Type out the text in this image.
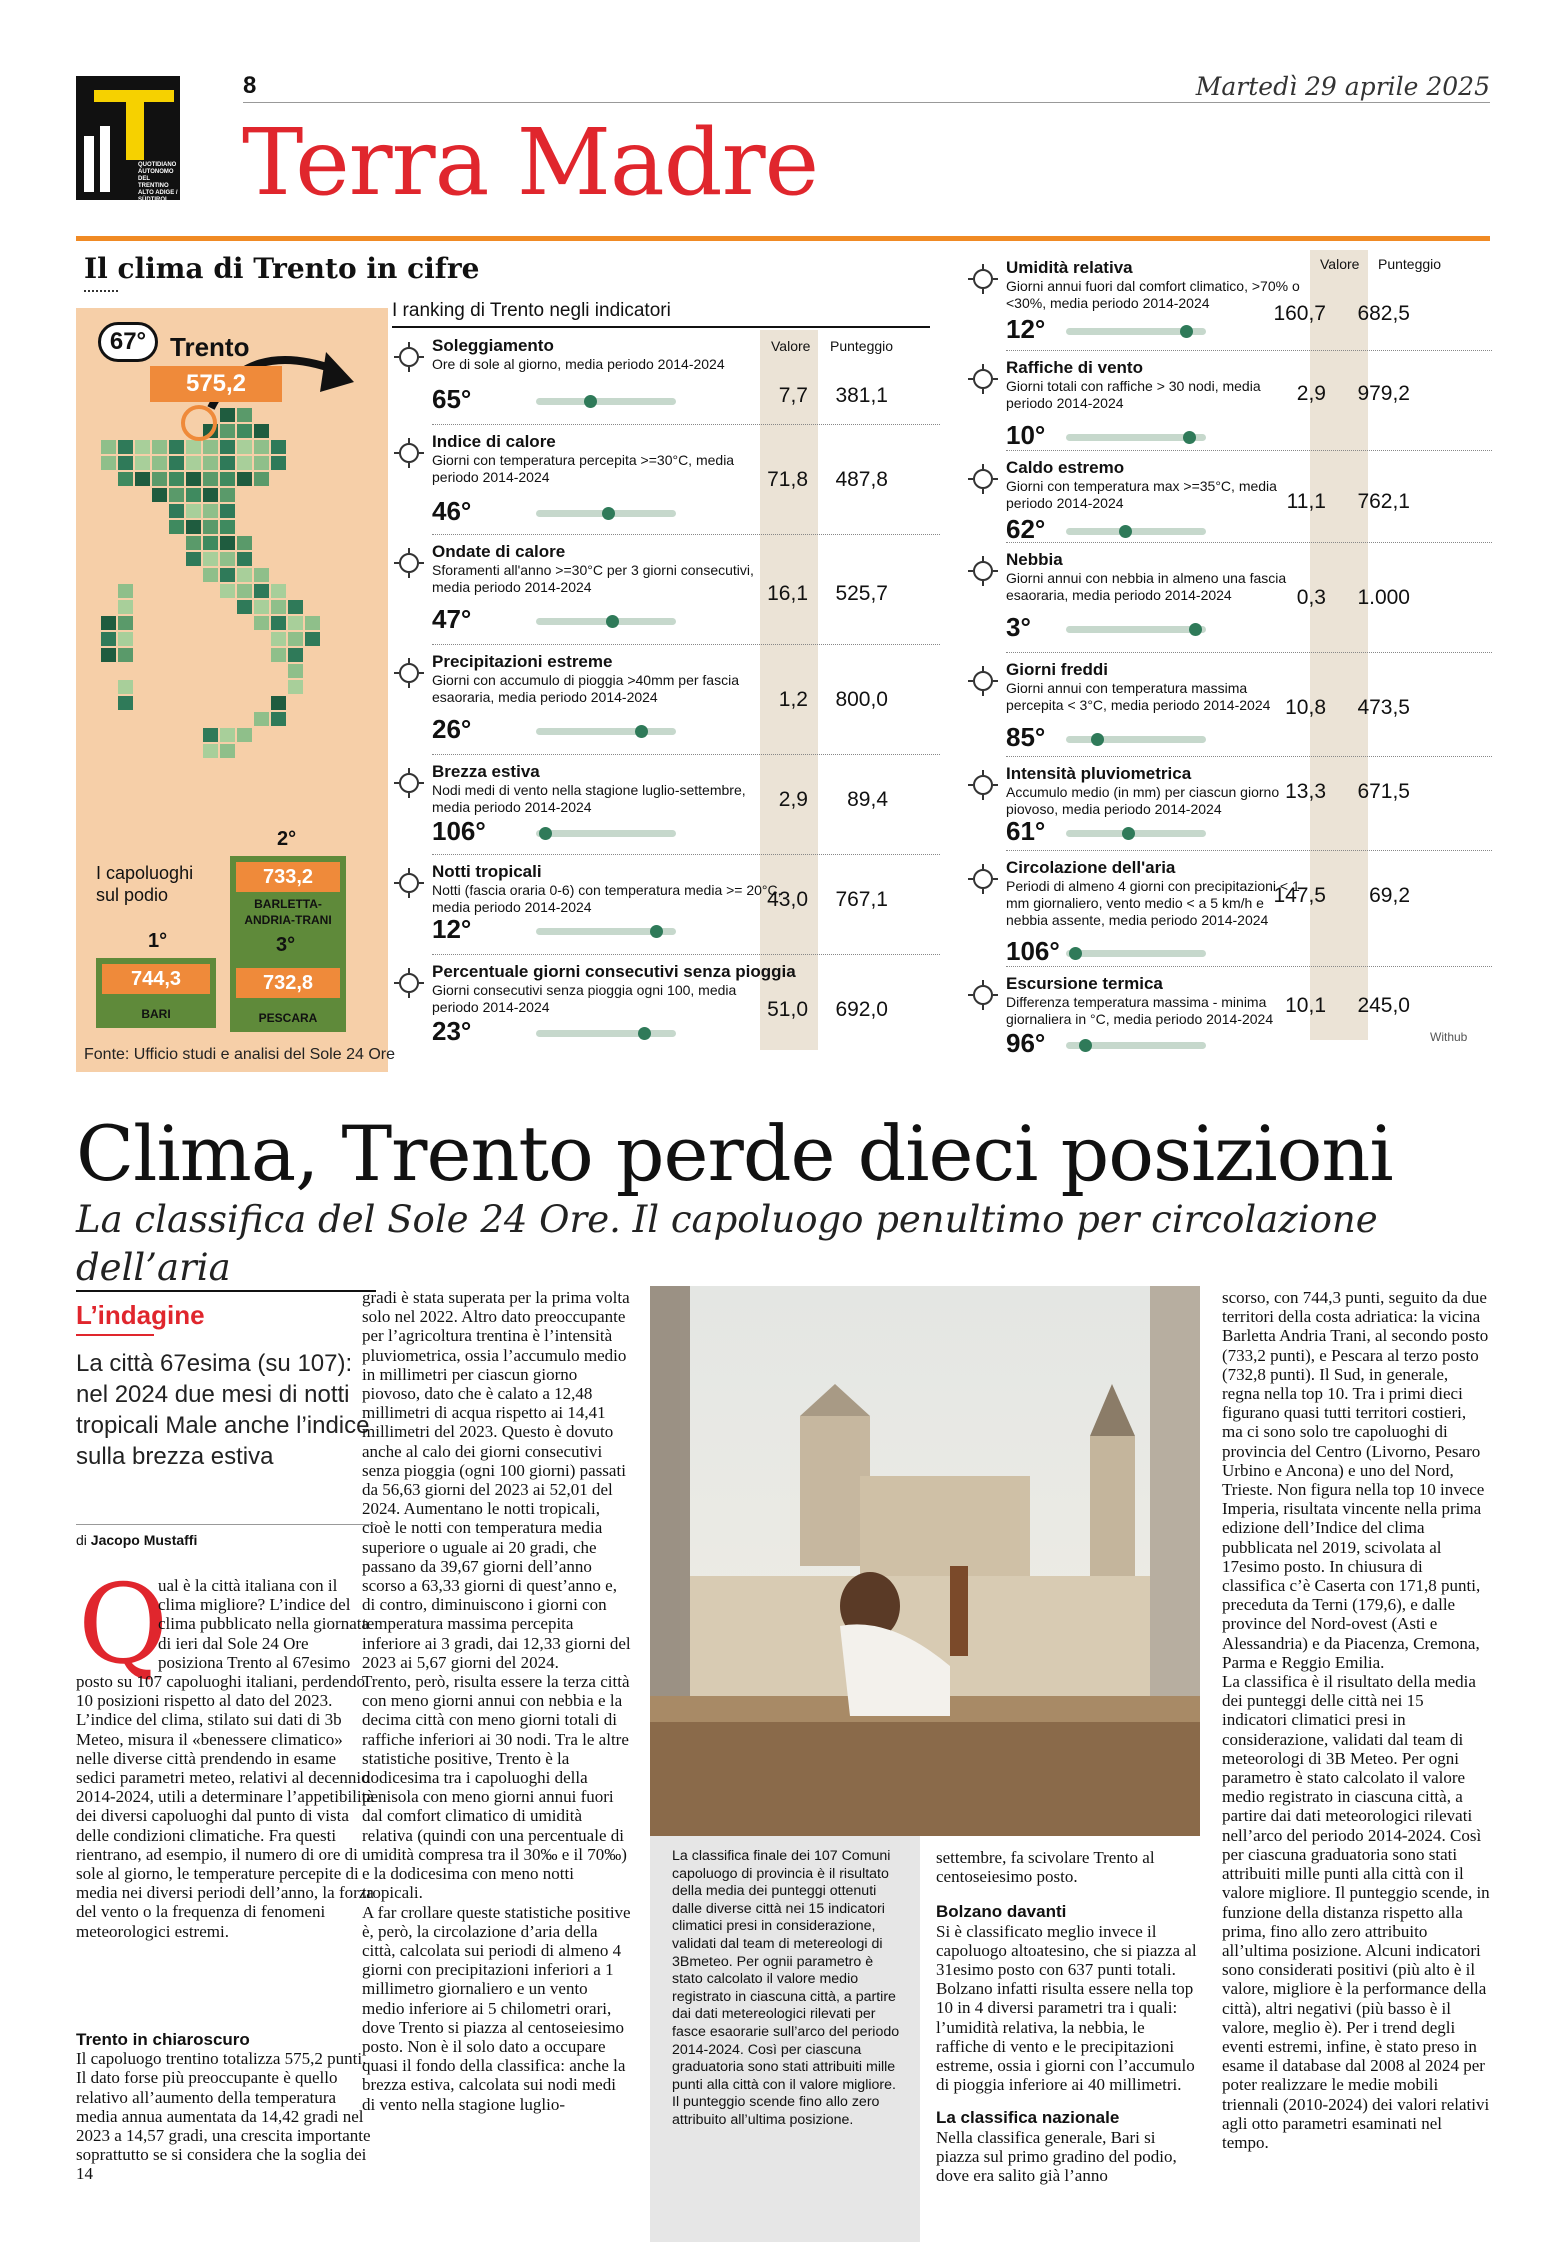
QUOTIDIANO AUTONOMO DEL TRENTINO ALTO ADIGE / SÜDTIROL
8	Martedì 29 aprile 2025
Terra Madre
Il clima di Trento in cifre
67° Trento
575,2
I capoluoghi sul podio
2°
733,2
BARLETTA-ANDRIA-TRANI
1°
744,3
BARI
3°
732,8
PESCARA
Fonte: Ufficio studi e analisi del Sole 24 Ore
I ranking di Trento negli indicatori
Valore Punteggio
Valore Punteggio
Soleggiamento
Ore di sole al giorno, media periodo 2014-2024
65°	7,7	381,1
Indice di calore
Giorni con temperatura percepita >=30°C, media periodo 2014-2024
46°
71,8	487,8
Ondate di calore
Sforamenti all'anno >=30°C per 3 giorni consecutivi, media periodo 2014-2024
47°
16,1	525,7
Precipitazioni estreme
Giorni con accumulo di pioggia >40mm per fascia esaoraria, media periodo 2014-2024
26°
1,2	800,0
Brezza estiva
Nodi medi di vento nella stagione luglio-settembre, media periodo 2014-2024
106°
2,9	89,4
Notti tropicali
Notti (fascia oraria 0-6) con temperatura media >= 20°C, media periodo 2014-2024
12°
43,0	767,1
Percentuale giorni consecutivi senza pioggia
Giorni consecutivi senza pioggia ogni 100, media periodo 2014-2024
23°
51,0	692,0
Umidità relativa
Giorni annui fuori dal comfort climatico, >70% o <30%, media periodo 2014-2024
12°
160,7	682,5
Raffiche di vento
Giorni totali con raffiche > 30 nodi, media periodo 2014-2024
10°
2,9	979,2
Caldo estremo
Giorni con temperatura max >=35°C, media periodo 2014-2024
62°
11,1	762,1
Nebbia
Giorni annui con nebbia in almeno una fascia esaoraria, media periodo 2014-2024
3°
0,3	1.000
Giorni freddi
Giorni annui con temperatura massima percepita < 3°C, media periodo 2014-2024
85°
10,8	473,5
Intensità pluviometrica
Accumulo medio (in mm) per ciascun giorno piovoso, media periodo 2014-2024
61°
13,3	671,5
Circolazione dell'aria
Periodi di almeno 4 giorni con precipitazioni < 1 mm giornaliero, vento medio < a 5 km/h e nebbia assente, media periodo 2014-2024
106°
147,5	69,2
Escursione termica
Differenza temperatura massima - minima giornaliera in °C, media periodo 2014-2024
96°
10,1	245,0
Withub
Clima, Trento perde dieci posizioni
La classifica del Sole 24 Ore. Il capoluogo penultimo per circolazione dell’aria
L’indagine
La città 67esima (su 107): nel 2024 due mesi di notti tropicali Male anche l’indice sulla brezza estiva
di Jacopo Mustaffi
Q

ual è la città italiana con il clima migliore? L’indice del clima pubblicato nella giornata di ieri dal Sole 24 Ore posiziona Trento al 67esimo posto su 107 capoluoghi italiani, perdendo 10 posizioni rispetto al dato del 2023. L’indice del clima, stilato sui dati di 3b Meteo, misura il «benessere climatico» nelle diverse città prendendo in esame sedici parametri meteo, relativi al decennio 2014-2024, utili a determinare l’appetibilità dei diversi capoluoghi dal punto di vista delle condizioni climatiche. Fra questi rientrano, ad esempio, il numero di ore di sole al giorno, le temperature percepite di media nei diversi periodi dell’anno, la forza del vento o la frequenza di fenomeni meteorologici estremi.

Trento in chiaroscuro

Il capoluogo trentino totalizza 575,2 punti. Il dato forse più preoccupante è quello relativo all’aumento della temperatura media annua aumentata da 14,42 gradi nel 2023 a 14,57 gradi, una crescita importante soprattutto se si considera che la soglia dei 14

gradi è stata superata per la prima volta solo nel 2022. Altro dato preoccupante per l’agricoltura trentina è l’intensità pluviometrica, ossia l’accumulo medio in millimetri per ciascun giorno piovoso, dato che è calato a 12,48 millimetri di acqua rispetto ai 14,41 millimetri del 2023. Questo è dovuto anche al calo dei giorni consecutivi senza pioggia (ogni 100 giorni) passati da 56,63 giorni del 2023 ai 52,01 del 2024. Aumentano le notti tropicali, cioè le notti con temperatura media superiore o uguale ai 20 gradi, che passano da 39,67 giorni dell’anno scorso a 63,33 giorni di quest’anno e, di contro, diminuiscono i giorni con temperatura massima percepita inferiore ai 3 gradi, dai 12,33 giorni del 2023 ai 5,67 giorni del 2024.

Trento, però, risulta essere la terza città con meno giorni annui con nebbia e la decima città con meno giorni totali di raffiche inferiori ai 30 nodi. Tra le altre statistiche positive, Trento è la dodicesima tra i capoluoghi della penisola con meno giorni annui fuori dal comfort climatico di umidità relativa (quindi con una percentuale di umidità compresa tra il 30‰ e il 70‰) e la dodicesima con meno notti tropicali.

A far crollare queste statistiche positive è, però, la circolazione d’aria della città, calcolata sui periodi di almeno 4 giorni con precipitazioni inferiori a 1 millimetro giornaliero e un vento medio inferiore ai 5 chilometri orari, dove Trento si piazza al centoseiesimo posto. Non è il solo dato a occupare quasi il fondo della classifica: anche la brezza estiva, calcolata sui nodi medi di vento nella stagione luglio-

La classifica finale dei 107 Comuni capoluogo di provincia è il risultato della media dei punteggi ottenuti dalle diverse città nei 15 indicatori climatici presi in considerazione, validati dal team di metereologi di 3Bmeteo. Per ognii parametro è stato calcolato il valore medio registrato in ciascuna città, a partire dai dati metereologici rilevati per fasce esaorarie sull’arco del periodo 2014-2024. Così per ciascuna graduatoria sono stati attribuiti mille punti alla città con il valore migliore. Il punteggio scende fino allo zero attribuito all’ultima posizione.

settembre, fa scivolare Trento al centoseiesimo posto.

Bolzano davanti

Si è classificato meglio invece il capoluogo altoatesino, che si piazza al 31esimo posto con 637 punti totali. Bolzano infatti risulta essere nella top 10 in 4 diversi parametri tra i quali: l’umidità relativa, la nebbia, le raffiche di vento e le precipitazioni estreme, ossia i giorni con l’accumulo di pioggia inferiore ai 40 millimetri.

La classifica nazionale

Nella classifica generale, Bari si piazza sul primo gradino del podio, dove era salito già l’anno

scorso, con 744,3 punti, seguito da due territori della costa adriatica: la vicina Barletta Andria Trani, al secondo posto (733,2 punti), e Pescara al terzo posto (732,8 punti). Il Sud, in generale, regna nella top 10. Tra i primi dieci figurano quasi tutti territori costieri, ma ci sono solo tre capoluoghi di provincia del Centro (Livorno, Pesaro Urbino e Ancona) e uno del Nord, Trieste. Non figura nella top 10 invece Imperia, risultata vincente nella prima edizione dell’Indice del clima pubblicata nel 2019, scivolata al 17esimo posto. In chiusura di classifica c’è Caserta con 171,8 punti, preceduta da Terni (179,6), e dalle province del Nord-ovest (Asti e Alessandria) e da Piacenza, Cremona, Parma e Reggio Emilia.

La classifica è il risultato della media dei punteggi delle città nei 15 indicatori climatici presi in considerazione, validati dal team di meteorologi di 3B Meteo. Per ogni parametro è stato calcolato il valore medio registrato in ciascuna città, a partire dai dati meteorologici rilevati nell’arco del periodo 2014-2024. Così per ciascuna graduatoria sono stati attribuiti mille punti alla città con il valore migliore. Il punteggio scende, in funzione della distanza rispetto alla prima, fino allo zero attribuito all’ultima posizione. Alcuni indicatori sono considerati positivi (più alto è il valore, migliore è la performance della città), altri negativi (più basso è il valore, meglio è). Per i trend degli eventi estremi, infine, è stato preso in esame il database dal 2008 al 2024 per poter realizzare le medie mobili triennali (2010-2024) dei valori relativi agli otto parametri esaminati nel tempo.
